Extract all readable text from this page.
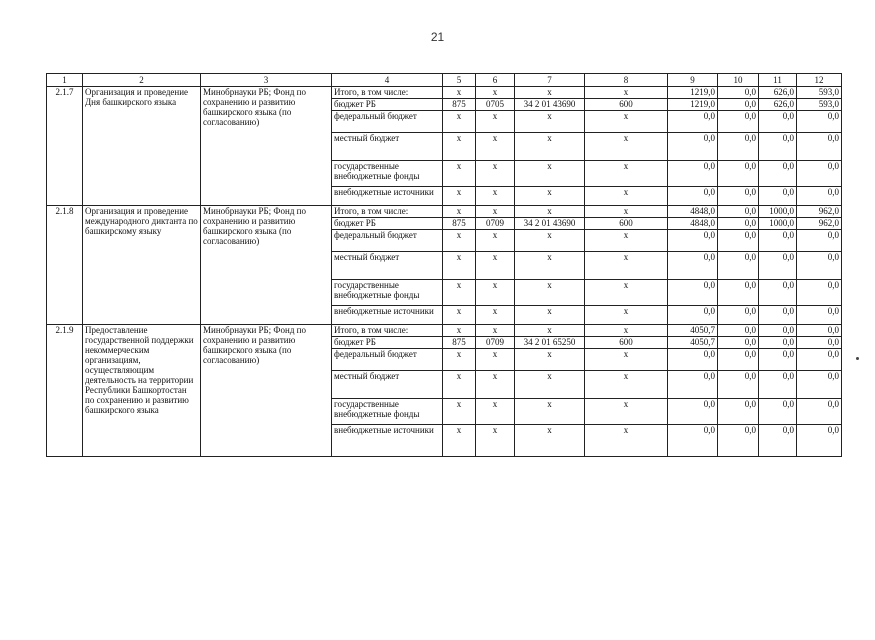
21
1	2	3	4	5	6	7	8	9	10	11	12
2.1.7	Организация и проведение Дня башкирского языка	Минобрнауки РБ; Фонд по сохранению и развитию башкирского языка (по согласованию)	Итого, в том числе:	х	х	х	х	1219,0	0,0	626,0	593,0
			бюджет РБ	875	0705	34 2 01 43690	600	1219,0	0,0	626,0	593,0
			федеральный бюджет	х	х	х	х	0,0	0,0	0,0	0,0
			местный бюджет	х	х	х	х	0,0	0,0	0,0	0,0
			государственные внебюджетные фонды	х	х	х	х	0,0	0,0	0,0	0,0
			внебюджетные источники	х	х	х	х	0,0	0,0	0,0	0,0
2.1.8	Организация и проведение международного диктанта по башкирскому языку	Минобрнауки РБ; Фонд по сохранению и развитию башкирского языка (по согласованию)	Итого, в том числе:	х	х	х	х	4848,0	0,0	1000,0	962,0
			бюджет РБ	875	0709	34 2 01 43690	600	4848,0	0,0	1000,0	962,0
			федеральный бюджет	х	х	х	х	0,0	0,0	0,0	0,0
			местный бюджет	х	х	х	х	0,0	0,0	0,0	0,0
			государственные внебюджетные фонды	х	х	х	х	0,0	0,0	0,0	0,0
			внебюджетные источники	х	х	х	х	0,0	0,0	0,0	0,0
2.1.9	Предоставление государственной поддержки некоммерческим организациям, осуществляющим деятельность на территории Республики Башкортостан по сохранению и развитию башкирского языка	Минобрнауки РБ; Фонд по сохранению и развитию башкирского языка (по согласованию)	Итого, в том числе:	х	х	х	х	4050,7	0,0	0,0	0,0
			бюджет РБ	875	0709	34 2 01 65250	600	4050,7	0,0	0,0	0,0
			федеральный бюджет	х	х	х	х	0,0	0,0	0,0	0,0
			местный бюджет	х	х	х	х	0,0	0,0	0,0	0,0
			государственные внебюджетные фонды	х	х	х	х	0,0	0,0	0,0	0,0
			внебюджетные источники	х	х	х	х	0,0	0,0	0,0	0,0
